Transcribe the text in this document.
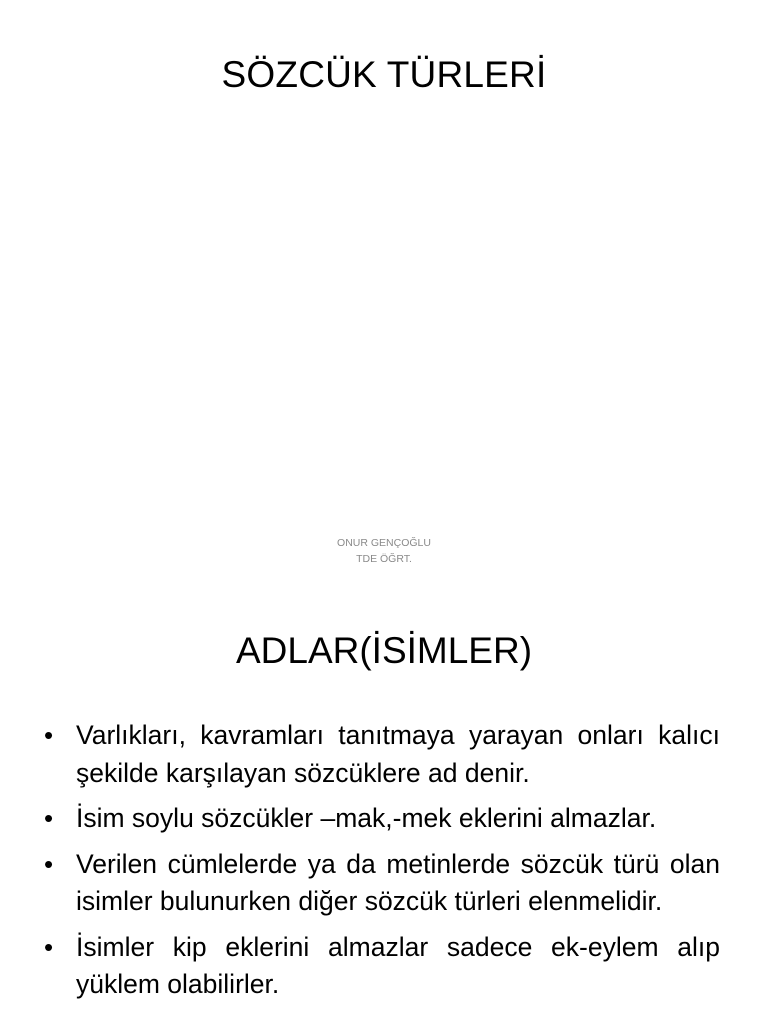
SÖZCÜK TÜRLERİ
ONUR GENÇOĞLU
TDE ÖĞRT.
ADLAR(İSİMLER)
• Varlıkları, kavramları tanıtmaya yarayan onları kalıcı şekilde karşılayan sözcüklere ad denir.
• İsim soylu sözcükler –mak,-mek eklerini almazlar.
• Verilen cümlelerde ya da metinlerde sözcük türü olan isimler bulunurken diğer sözcük türleri elenmelidir.
• İsimler kip eklerini almazlar sadece ek-eylem alıp yüklem olabilirler.
